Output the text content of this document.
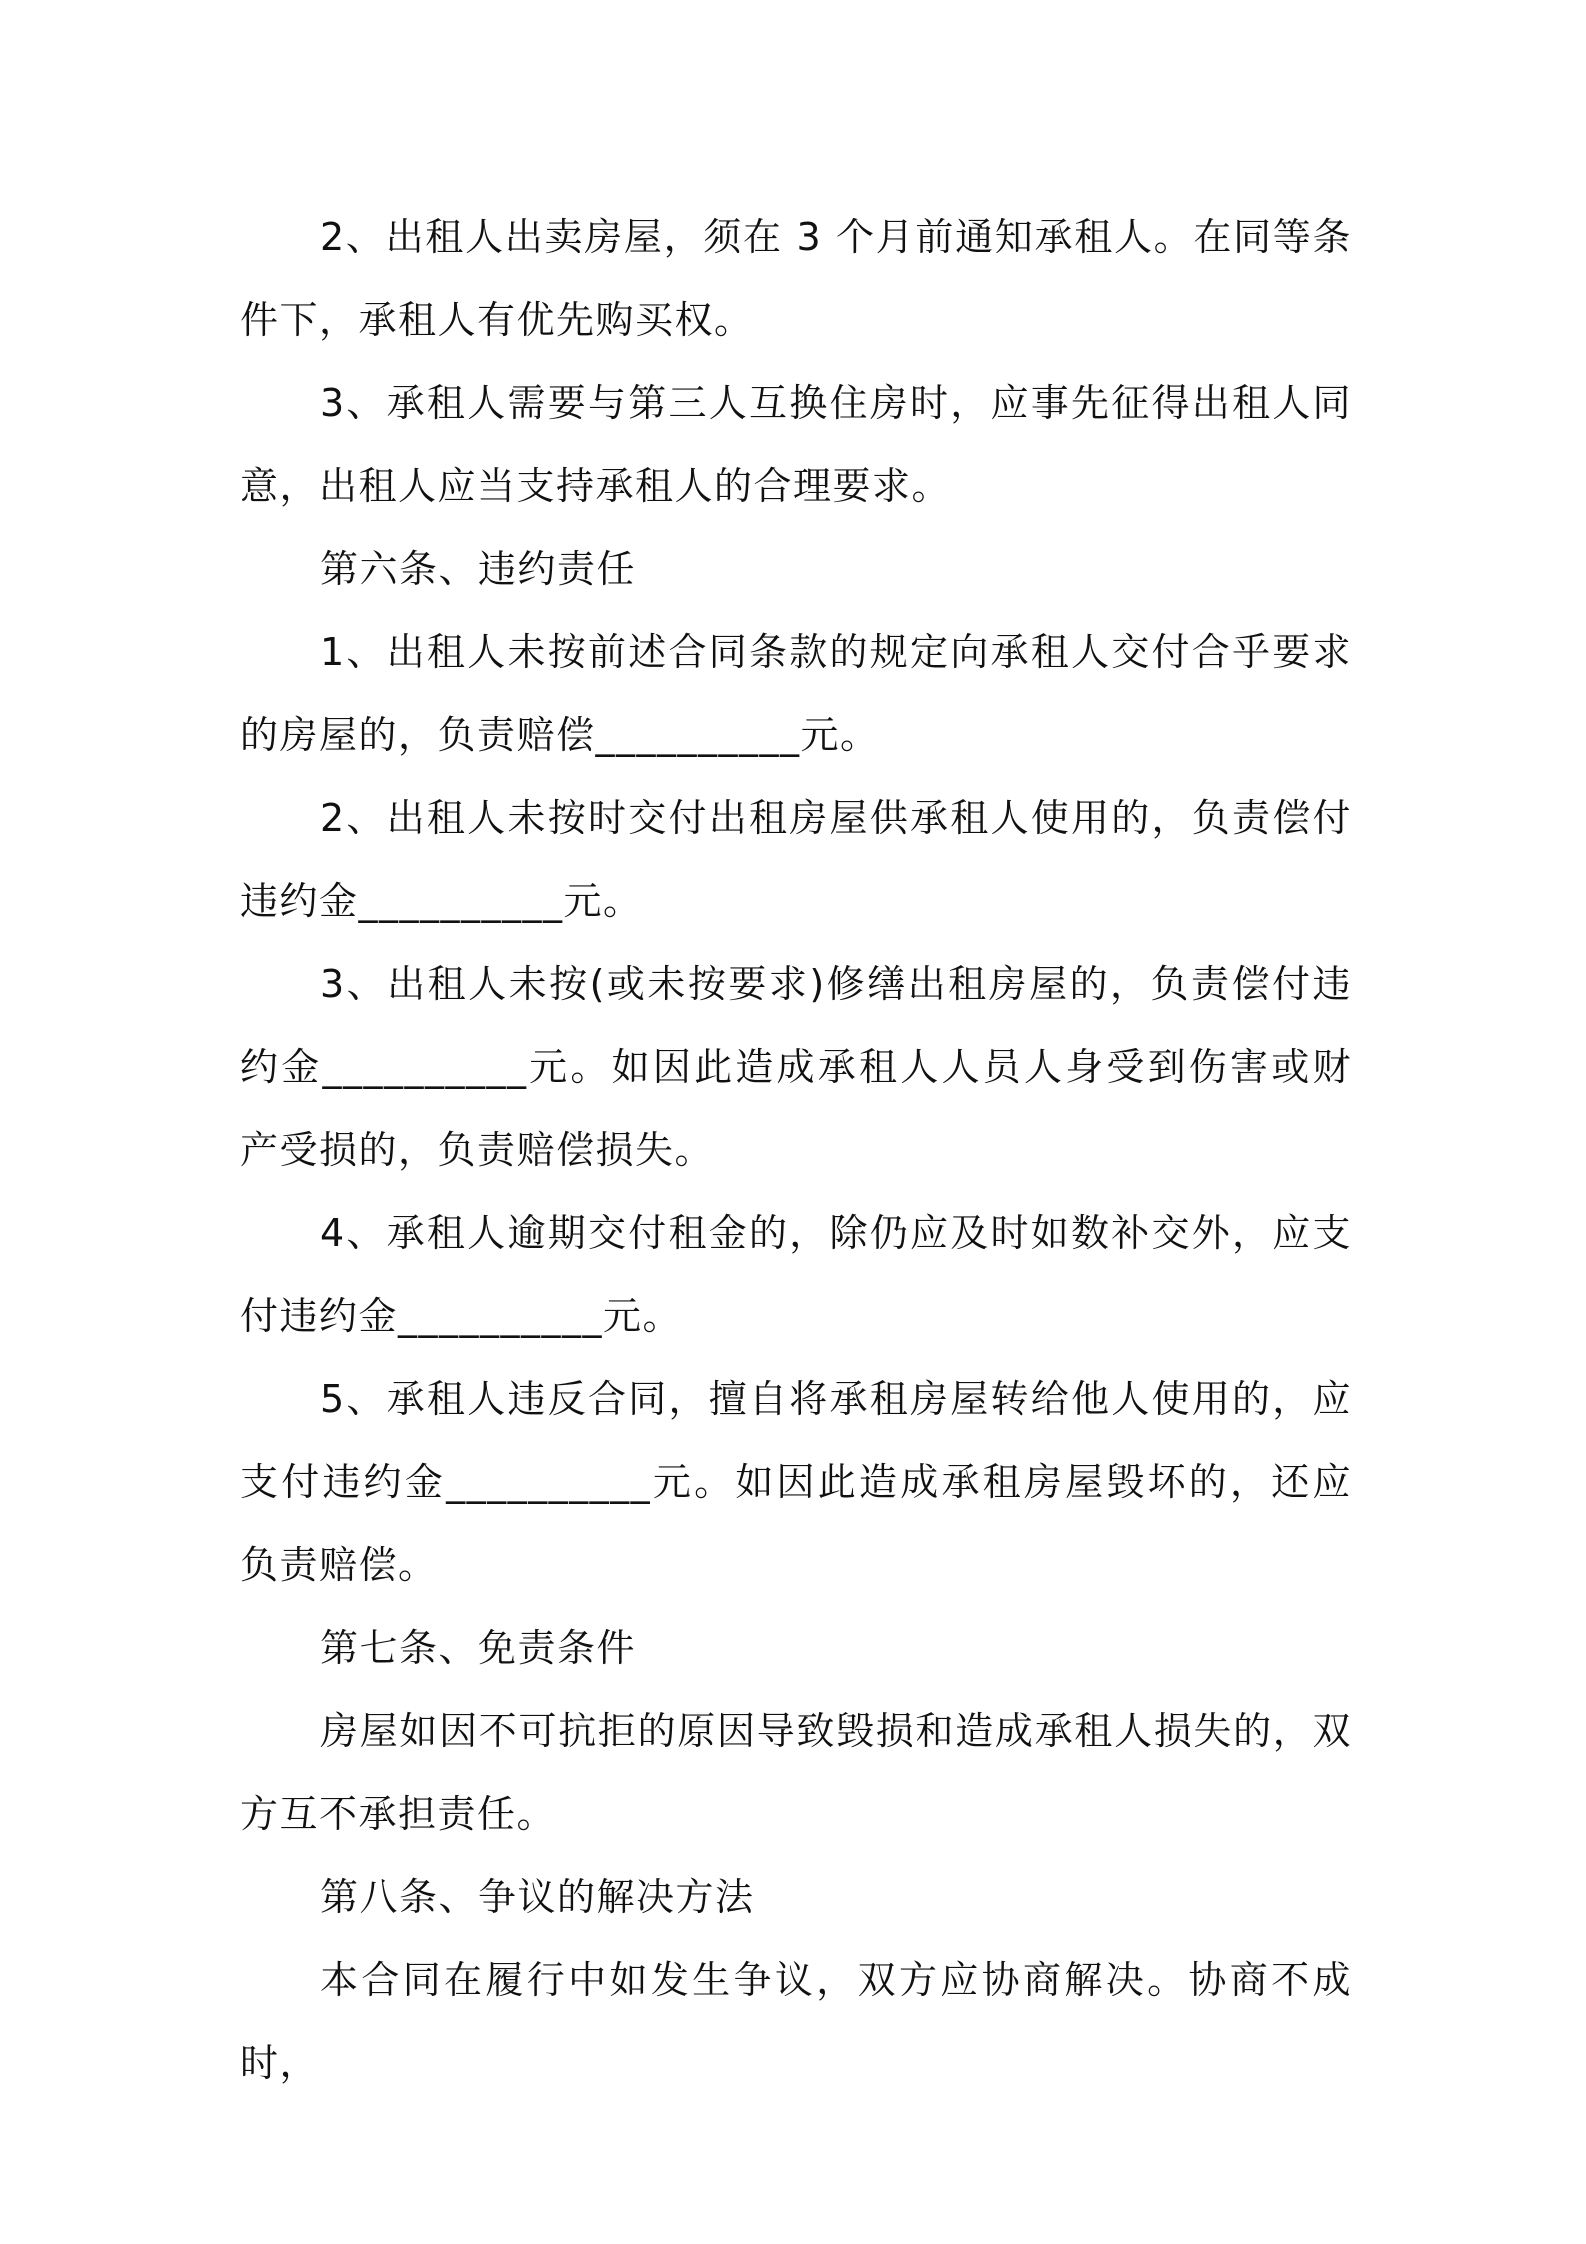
2、出租人出卖房屋，须在 3 个月前通知承租人。在同等条件下，承租人有优先购买权。

3、承租人需要与第三人互换住房时，应事先征得出租人同意，出租人应当支持承租人的合理要求。

第六条、违约责任

1、出租人未按前述合同条款的规定向承租人交付合乎要求的房屋的，负责赔偿__________元。

2、出租人未按时交付出租房屋供承租人使用的，负责偿付违约金__________元。

3、出租人未按(或未按要求)修缮出租房屋的，负责偿付违约金__________元。如因此造成承租人人员人身受到伤害或财产受损的，负责赔偿损失。

4、承租人逾期交付租金的，除仍应及时如数补交外，应支付违约金__________元。

5、承租人违反合同，擅自将承租房屋转给他人使用的，应支付违约金__________元。如因此造成承租房屋毁坏的，还应负责赔偿。

第七条、免责条件

房屋如因不可抗拒的原因导致毁损和造成承租人损失的，双方互不承担责任。

第八条、争议的解决方法

本合同在履行中如发生争议，双方应协商解决。协商不成时，
